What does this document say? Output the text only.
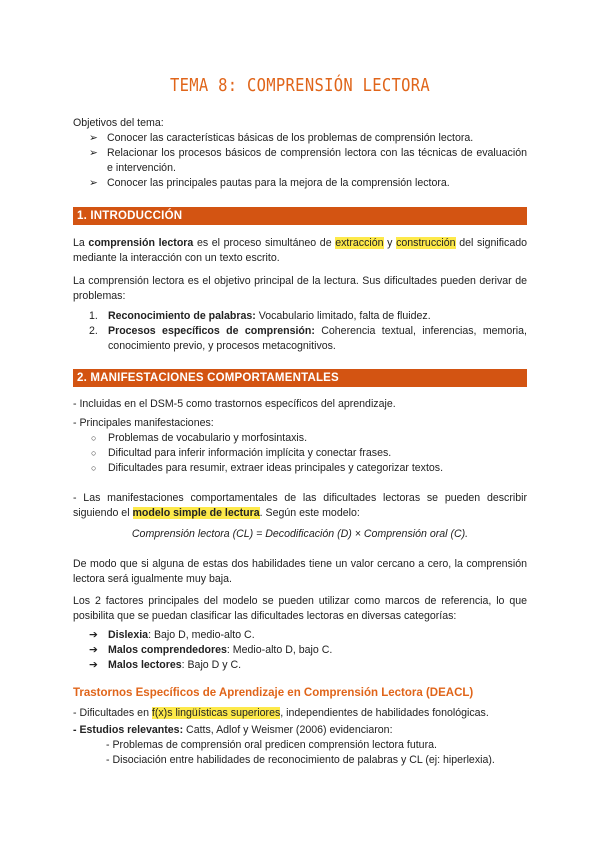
TEMA 8: COMPRENSIÓN LECTORA

Objetivos del tema:

➢ Conocer las características básicas de los problemas de comprensión lectora.
➢ Relacionar los procesos básicos de comprensión lectora con las técnicas de evaluación e intervención.
➢ Conocer las principales pautas para la mejora de la comprensión lectora.
1. INTRODUCCIÓN
La comprensión lectora es el proceso simultáneo de extracción y construcción del significado mediante la interacción con un texto escrito.
La comprensión lectora es el objetivo principal de la lectura. Sus dificultades pueden derivar de problemas:
1. Reconocimiento de palabras: Vocabulario limitado, falta de fluidez.
2. Procesos específicos de comprensión: Coherencia textual, inferencias, memoria, conocimiento previo, y procesos metacognitivos.
2. MANIFESTACIONES COMPORTAMENTALES

- Incluidas en el DSM-5 como trastornos específicos del aprendizaje.

- Principales manifestaciones:

○ Problemas de vocabulario y morfosintaxis.
○ Dificultad para inferir información implícita y conectar frases.
○ Dificultades para resumir, extraer ideas principales y categorizar textos.
- Las manifestaciones comportamentales de las dificultades lectoras se pueden describir siguiendo el modelo simple de lectura. Según este modelo:
Comprensión lectora (CL) = Decodificación (D) × Comprensión oral (C).
De modo que si alguna de estas dos habilidades tiene un valor cercano a cero, la comprensión lectora será igualmente muy baja.
Los 2 factores principales del modelo se pueden utilizar como marcos de referencia, lo que posibilita que se puedan clasificar las dificultades lectoras en diversas categorías:
➔ Dislexia: Bajo D, medio-alto C.
➔ Malos comprendedores: Medio-alto D, bajo C.
➔ Malos lectores: Bajo D y C.
Trastornos Específicos de Aprendizaje en Comprensión Lectora (DEACL)

- Dificultades en f(x)s lingüísticas superiores, independientes de habilidades fonológicas.

- Estudios relevantes: Catts, Adlof y Weismer (2006) evidenciaron:

- Problemas de comprensión oral predicen comprensión lectora futura.

- Disociación entre habilidades de reconocimiento de palabras y CL (ej: hiperlexia).
